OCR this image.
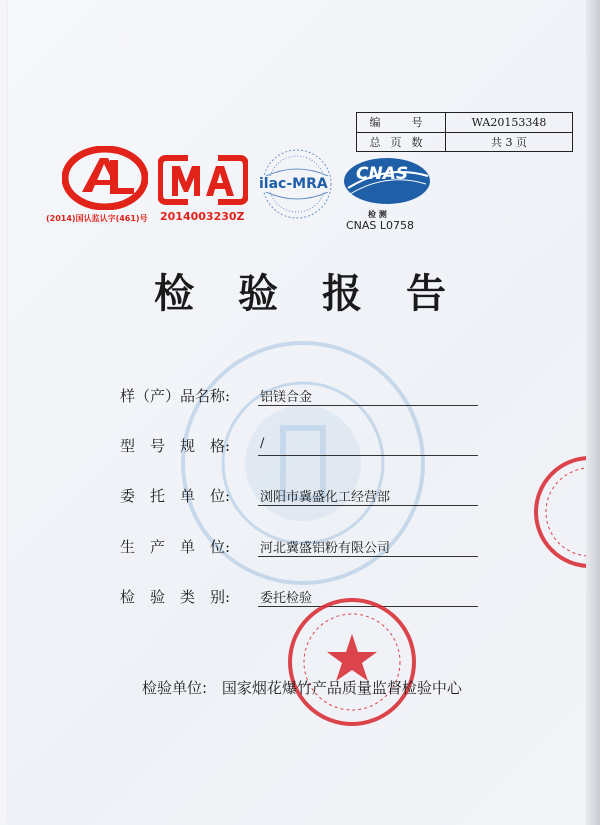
编　号	WA20153348
总页数	共 3 页
(2014)国认监认字(461)号 2014003230Z
ilac-MRA CNAS
检 测
CNAS L0758
检验报告
样（产）品名称: 铝镁合金
型　号　规　格: /
委　托　单　位: 浏阳市冀盛化工经营部
生　产　单　位: 河北冀盛铝粉有限公司
检　验　类　别: 委托检验
检验单位: 国家烟花爆竹产品质量监督检验中心
